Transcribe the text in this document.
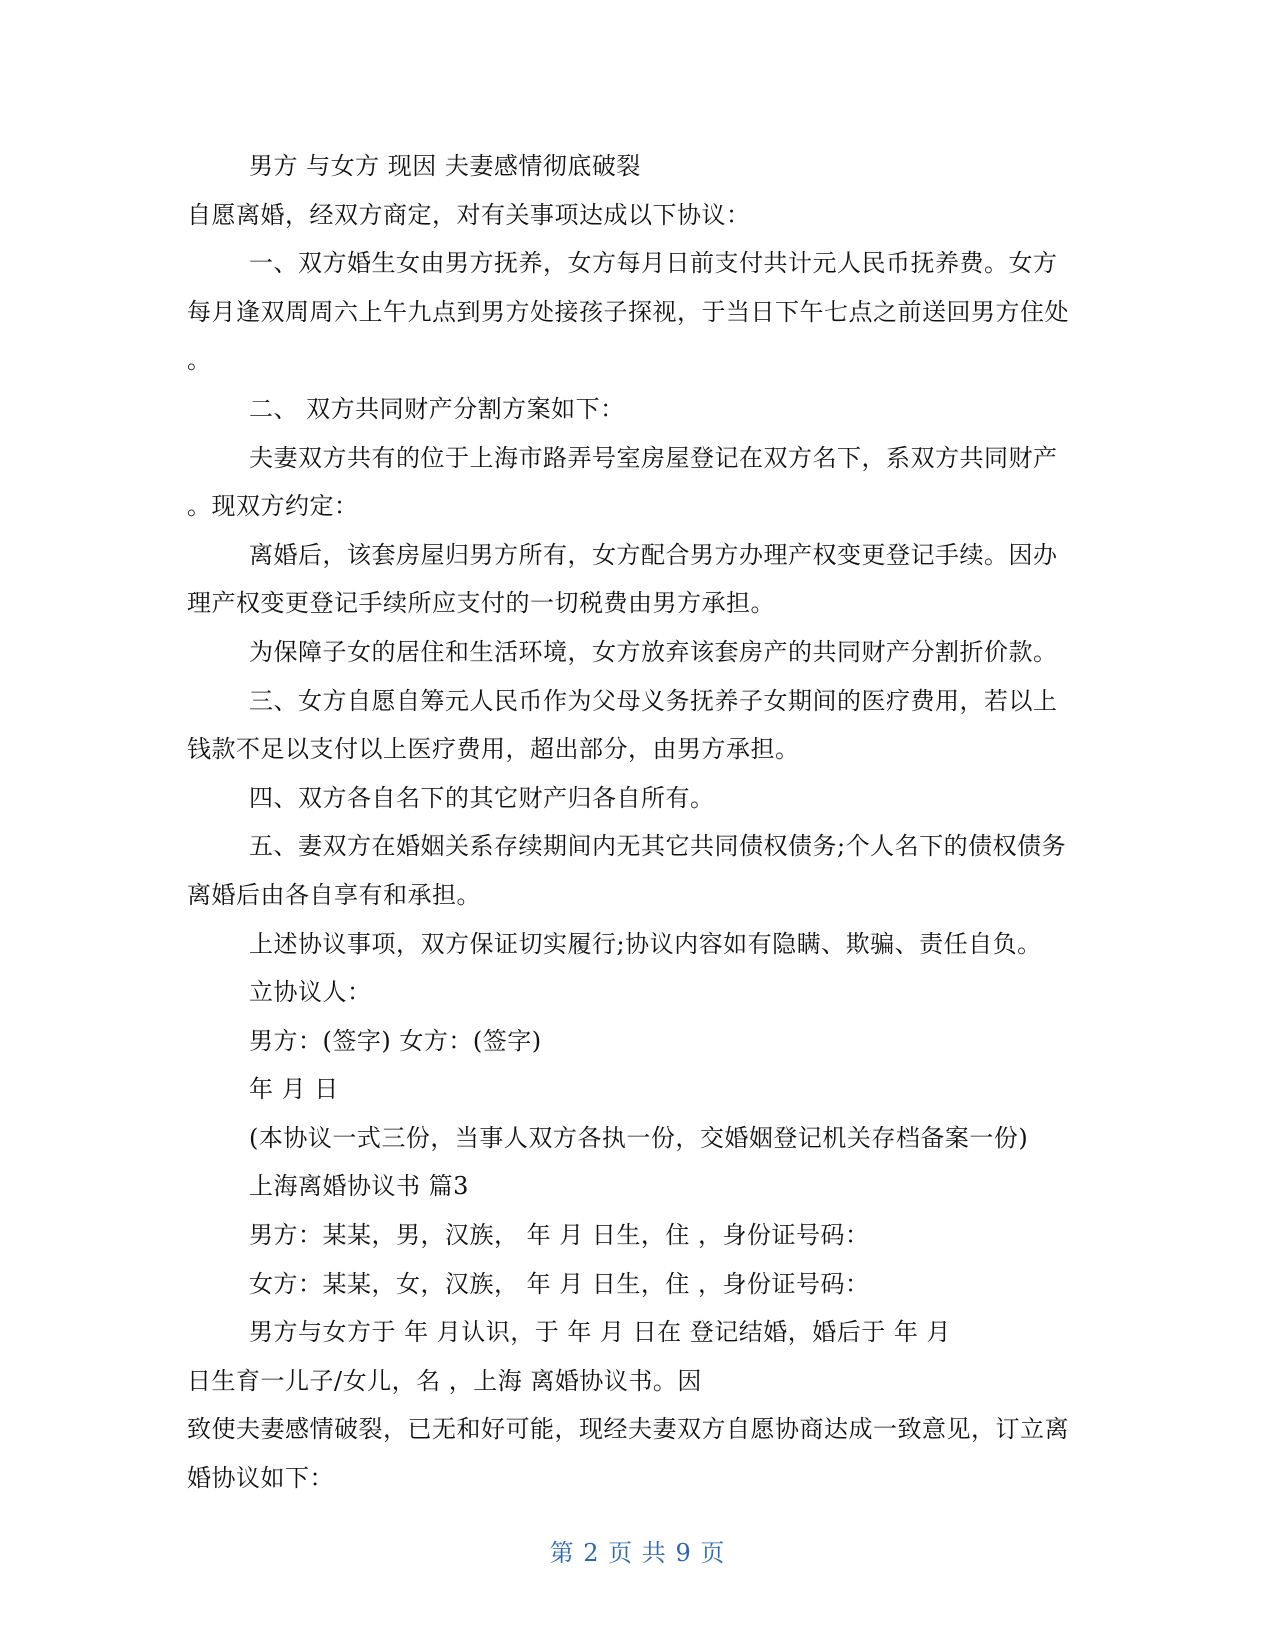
男方 与女方 现因 夫妻感情彻底破裂
自愿离婚，经双方商定，对有关事项达成以下协议：
一、双方婚生女由男方抚养，女方每月日前支付共计元人民币抚养费。女方
每月逢双周周六上午九点到男方处接孩子探视，于当日下午七点之前送回男方住处
。
二、 双方共同财产分割方案如下：
夫妻双方共有的位于上海市路弄号室房屋登记在双方名下，系双方共同财产
。现双方约定：
离婚后，该套房屋归男方所有，女方配合男方办理产权变更登记手续。因办
理产权变更登记手续所应支付的一切税费由男方承担。
为保障子女的居住和生活环境，女方放弃该套房产的共同财产分割折价款。
三、女方自愿自筹元人民币作为父母义务抚养子女期间的医疗费用，若以上
钱款不足以支付以上医疗费用，超出部分，由男方承担。
四、双方各自名下的其它财产归各自所有。
五、妻双方在婚姻关系存续期间内无其它共同债权债务;个人名下的债权债务
离婚后由各自享有和承担。
上述协议事项，双方保证切实履行;协议内容如有隐瞒、欺骗、责任自负。
立协议人：
男方：(签字) 女方：(签字)
年 月 日
(本协议一式三份，当事人双方各执一份，交婚姻登记机关存档备案一份)
上海离婚协议书 篇3
男方：某某，男，汉族， 年 月 日生，住 ，身份证号码：
女方：某某，女，汉族， 年 月 日生，住 ，身份证号码：
男方与女方于 年 月认识，于 年 月 日在 登记结婚，婚后于 年 月
日生育一儿子/女儿，名 ，上海 离婚协议书。因
致使夫妻感情破裂，已无和好可能，现经夫妻双方自愿协商达成一致意见，订立离
婚协议如下：
第 2 页 共 9 页
